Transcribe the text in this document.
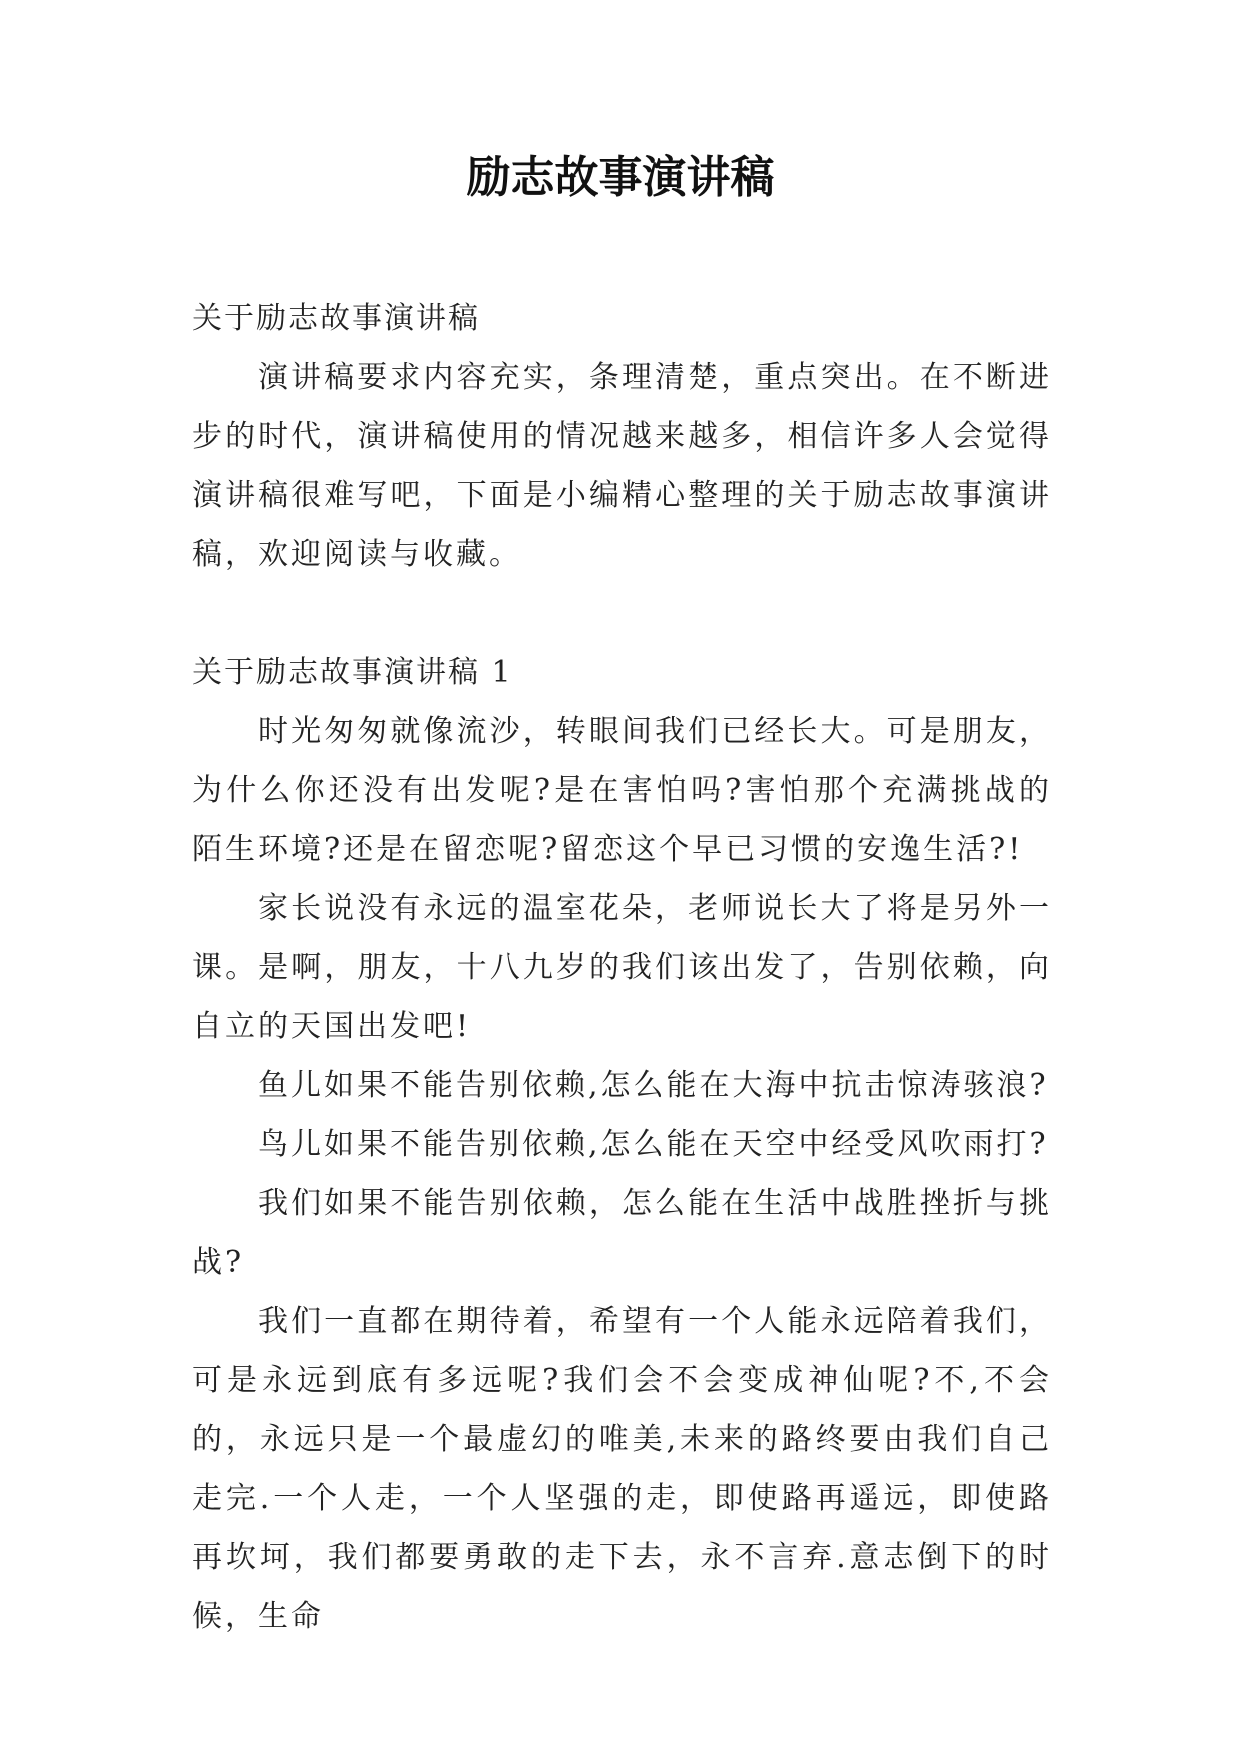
励志故事演讲稿

关于励志故事演讲稿

演讲稿要求内容充实，条理清楚，重点突出。在不断进步的时代，演讲稿使用的情况越来越多，相信许多人会觉得演讲稿很难写吧，下面是小编精心整理的关于励志故事演讲稿，欢迎阅读与收藏。

关于励志故事演讲稿 1

时光匆匆就像流沙，转眼间我们已经长大。可是朋友，为什么你还没有出发呢?是在害怕吗?害怕那个充满挑战的陌生环境?还是在留恋呢?留恋这个早已习惯的安逸生活?!

家长说没有永远的温室花朵，老师说长大了将是另外一课。是啊，朋友，十八九岁的我们该出发了，告别依赖，向自立的天国出发吧!

鱼儿如果不能告别依赖,怎么能在大海中抗击惊涛骇浪?

鸟儿如果不能告别依赖,怎么能在天空中经受风吹雨打?

我们如果不能告别依赖，怎么能在生活中战胜挫折与挑战?

我们一直都在期待着，希望有一个人能永远陪着我们，可是永远到底有多远呢?我们会不会变成神仙呢?不,不会的，永远只是一个最虚幻的唯美,未来的路终要由我们自己走完.一个人走，一个人坚强的走，即使路再遥远，即使路再坎坷，我们都要勇敢的走下去，永不言弃.意志倒下的时候，生命
